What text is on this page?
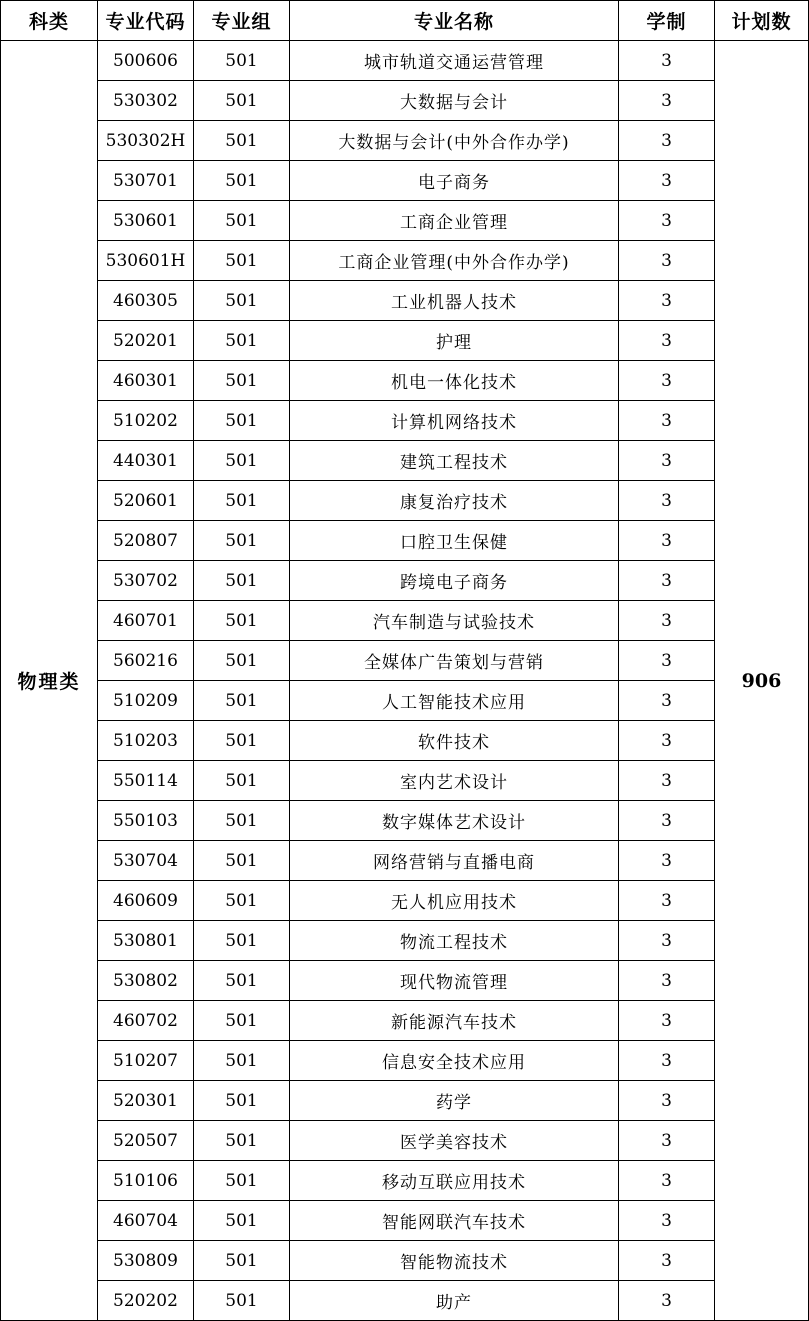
科类	专业代码	专业组	专业名称	学制	计划数
物理类	500606	501	城市轨道交通运营管理	3	906
	530302	501	大数据与会计	3	
	530302H	501	大数据与会计(中外合作办学)	3	
	530701	501	电子商务	3	
	530601	501	工商企业管理	3	
	530601H	501	工商企业管理(中外合作办学)	3	
	460305	501	工业机器人技术	3	
	520201	501	护理	3	
	460301	501	机电一体化技术	3	
	510202	501	计算机网络技术	3	
	440301	501	建筑工程技术	3	
	520601	501	康复治疗技术	3	
	520807	501	口腔卫生保健	3	
	530702	501	跨境电子商务	3	
	460701	501	汽车制造与试验技术	3	
	560216	501	全媒体广告策划与营销	3	
	510209	501	人工智能技术应用	3	
	510203	501	软件技术	3	
	550114	501	室内艺术设计	3	
	550103	501	数字媒体艺术设计	3	
	530704	501	网络营销与直播电商	3	
	460609	501	无人机应用技术	3	
	530801	501	物流工程技术	3	
	530802	501	现代物流管理	3	
	460702	501	新能源汽车技术	3	
	510207	501	信息安全技术应用	3	
	520301	501	药学	3	
	520507	501	医学美容技术	3	
	510106	501	移动互联应用技术	3	
	460704	501	智能网联汽车技术	3	
	530809	501	智能物流技术	3	
	520202	501	助产	3	
